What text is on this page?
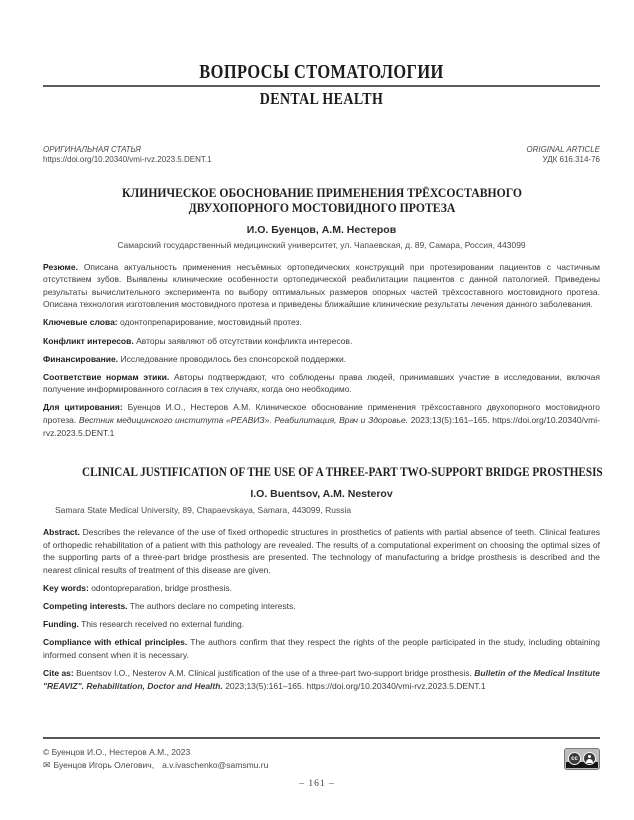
ВОПРОСЫ СТОМАТОЛОГИИ
DENTAL HEALTH
ОРИГИНАЛЬНАЯ СТАТЬЯ
https://doi.org/10.20340/vmi-rvz.2023.5.DENT.1
ORIGINAL ARTICLE
УДК 616.314-76
КЛИНИЧЕСКОЕ ОБОСНОВАНИЕ ПРИМЕНЕНИЯ ТРЁХСОСТАВНОГО ДВУХОПОРНОГО МОСТОВИДНОГО ПРОТЕЗА
И.О. Буенцов, А.М. Нестеров
Самарский государственный медицинский университет, ул. Чапаевская, д. 89, Самара, Россия, 443099

Резюме. Описана актуальность применения несъёмных ортопедических конструкций при протезировании пациентов с частичным отсутствием зубов. Выявлены клинические особенности ортопедической реабилитации пациентов с данной патологией. Приведены результаты вычислительного эксперимента по выбору оптимальных размеров опорных частей трёхсоставного мостовидного протеза. Описана технология изготовления мостовидного протеза и приведены ближайшие клинические результаты лечения данного заболевания.

Ключевые слова: одонтопрепарирование, мостовидный протез.

Конфликт интересов. Авторы заявляют об отсутствии конфликта интересов.

Финансирование. Исследование проводилось без спонсорской поддержки.

Соответствие нормам этики. Авторы подтверждают, что соблюдены права людей, принимавших участие в исследовании, включая получение информированного согласия в тех случаях, когда оно необходимо.

Для цитирования: Буенцов И.О., Нестеров А.М. Клиническое обоснование применения трёхсоставного двухопорного мостовидного протеза. Вестник медицинского института «РЕАВИЗ». Реабилитация, Врач и Здоровье. 2023;13(5):161–165. https://doi.org/10.20340/vmi-rvz.2023.5.DENT.1

CLINICAL JUSTIFICATION OF THE USE OF A THREE-PART TWO-SUPPORT BRIDGE PROSTHESIS
I.O. Buentsov, A.M. Nesterov
Samara State Medical University, 89, Chapaevskaya, Samara, 443099, Russia

Abstract. Describes the relevance of the use of fixed orthopedic structures in prosthetics of patients with partial absence of teeth. Clinical features of orthopedic rehabilitation of a patient with this pathology are revealed. The results of a computational experiment on choosing the optimal sizes of the supporting parts of a three-part bridge prosthesis are presented. The technology of manufacturing a bridge prosthesis is described and the nearest clinical results of treatment of this disease are given.

Key words: odontopreparation, bridge prosthesis.

Competing interests. The authors declare no competing interests.

Funding. This research received no external funding.

Compliance with ethical principles. The authors confirm that they respect the rights of the people participated in the study, including obtaining informed consent when it is necessary.

Cite as: Buentsov I.O., Nesterov A.M. Clinical justification of the use of a three-part two-support bridge prosthesis. Bulletin of the Medical Institute "REAVIZ". Rehabilitation, Doctor and Health. 2023;13(5):161–165. https://doi.org/10.20340/vmi-rvz.2023.5.DENT.1

© Буенцов И.О., Нестеров А.М., 2023
✉ Буенцов Игорь Олегович, a.v.ivaschenko@samsmu.ru
cc
– 161 –
